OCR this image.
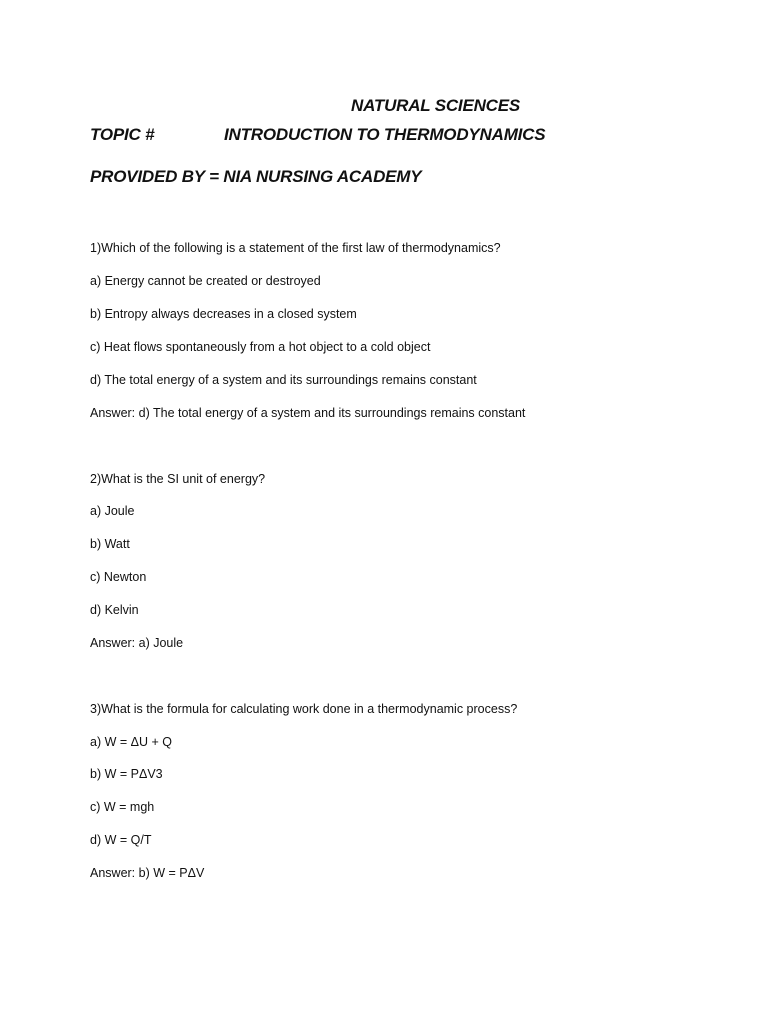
NATURAL SCIENCES
TOPIC #	INTRODUCTION TO THERMODYNAMICS
PROVIDED BY = NIA NURSING ACADEMY
1)Which of the following is a statement of the first law of thermodynamics?
a) Energy cannot be created or destroyed
b) Entropy always decreases in a closed system
c) Heat flows spontaneously from a hot object to a cold object
d) The total energy of a system and its surroundings remains constant
Answer: d) The total energy of a system and its surroundings remains constant
2)What is the SI unit of energy?
a) Joule
b) Watt
c) Newton
d) Kelvin
Answer: a) Joule
3)What is the formula for calculating work done in a thermodynamic process?
a) W = ΔU + Q
b) W = PΔV3
c) W = mgh
d) W = Q/T
Answer: b) W = PΔV
